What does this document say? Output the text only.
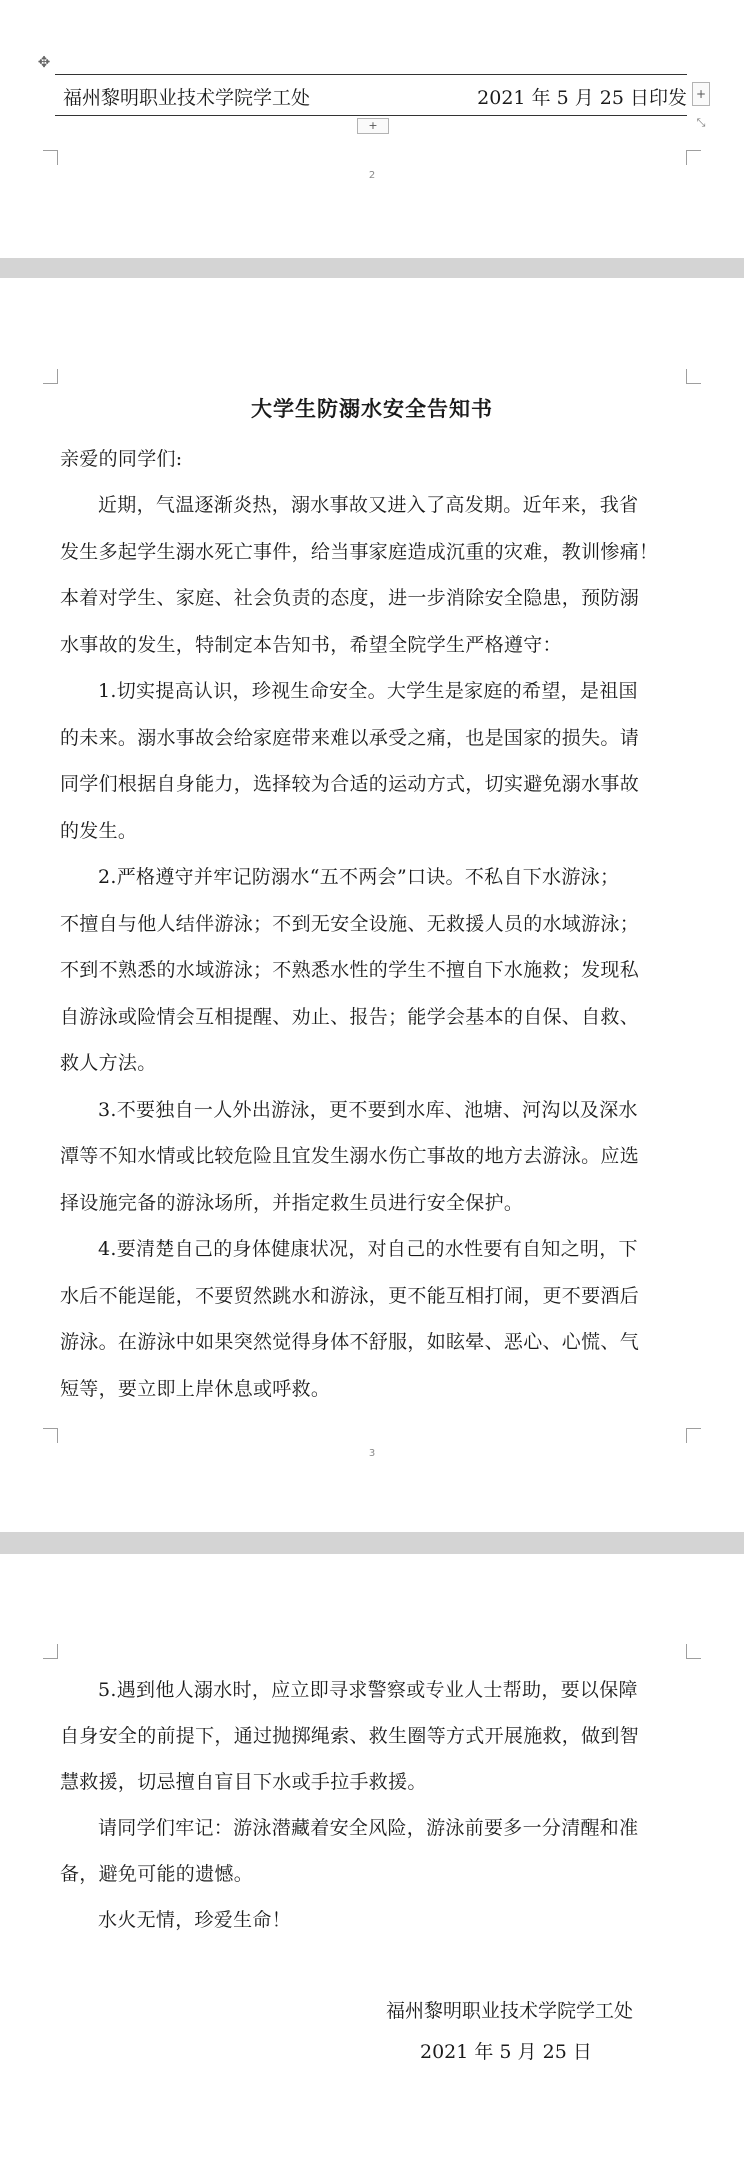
✥
福州黎明职业技术学院学工处	2021 年 5 月 25 日印发 +
+	⤡
2
大学生防溺水安全告知书
亲爱的同学们:
近期，气温逐渐炎热，溺水事故又进入了高发期。近年来，我省
发生多起学生溺水死亡事件，给当事家庭造成沉重的灾难，教训惨痛！
本着对学生、家庭、社会负责的态度，进一步消除安全隐患，预防溺
水事故的发生，特制定本告知书，希望全院学生严格遵守：
1.切实提高认识，珍视生命安全。大学生是家庭的希望，是祖国
的未来。溺水事故会给家庭带来难以承受之痛，也是国家的损失。请
同学们根据自身能力，选择较为合适的运动方式，切实避免溺水事故
的发生。
2.严格遵守并牢记防溺水“五不两会”口诀。不私自下水游泳；
不擅自与他人结伴游泳；不到无安全设施、无救援人员的水域游泳；
不到不熟悉的水域游泳；不熟悉水性的学生不擅自下水施救；发现私
自游泳或险情会互相提醒、劝止、报告；能学会基本的自保、自救、
救人方法。
3.不要独自一人外出游泳，更不要到水库、池塘、河沟以及深水
潭等不知水情或比较危险且宜发生溺水伤亡事故的地方去游泳。应选
择设施完备的游泳场所，并指定救生员进行安全保护。
4.要清楚自己的身体健康状况，对自己的水性要有自知之明，下
水后不能逞能，不要贸然跳水和游泳，更不能互相打闹，更不要酒后
游泳。在游泳中如果突然觉得身体不舒服，如眩晕、恶心、心慌、气
短等，要立即上岸休息或呼救。
3
5.遇到他人溺水时，应立即寻求警察或专业人士帮助，要以保障
自身安全的前提下，通过抛掷绳索、救生圈等方式开展施救，做到智
慧救援，切忌擅自盲目下水或手拉手救援。
请同学们牢记：游泳潜藏着安全风险，游泳前要多一分清醒和准
备，避免可能的遗憾。
水火无情，珍爱生命！
福州黎明职业技术学院学工处
2021 年 5 月 25 日
